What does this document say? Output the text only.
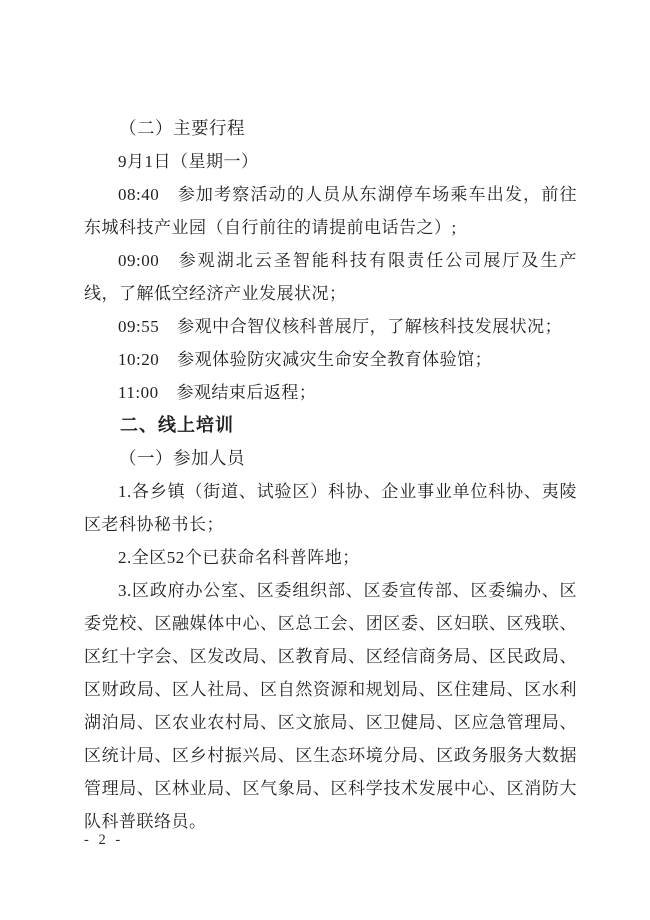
（二）主要行程

9月1日（星期一）

08:40 参加考察活动的人员从东湖停车场乘车出发，前往东城科技产业园（自行前往的请提前电话告之）;

09:00 参观湖北云圣智能科技有限责任公司展厅及生产线，了解低空经济产业发展状况；

09:55 参观中合智仪核科普展厅，了解核科技发展状况；

10:20 参观体验防灾减灾生命安全教育体验馆；

11:00 参观结束后返程；

二、线上培训

（一）参加人员

1.各乡镇（街道、试验区）科协、企业事业单位科协、夷陵区老科协秘书长；

2.全区52个已获命名科普阵地；

3.区政府办公室、区委组织部、区委宣传部、区委编办、区委党校、区融媒体中心、区总工会、团区委、区妇联、区残联、区红十字会、区发改局、区教育局、区经信商务局、区民政局、区财政局、区人社局、区自然资源和规划局、区住建局、区水利湖泊局、区农业农村局、区文旅局、区卫健局、区应急管理局、区统计局、区乡村振兴局、区生态环境分局、区政务服务大数据管理局、区林业局、区气象局、区科学技术发展中心、区消防大队科普联络员。

- 2 -
